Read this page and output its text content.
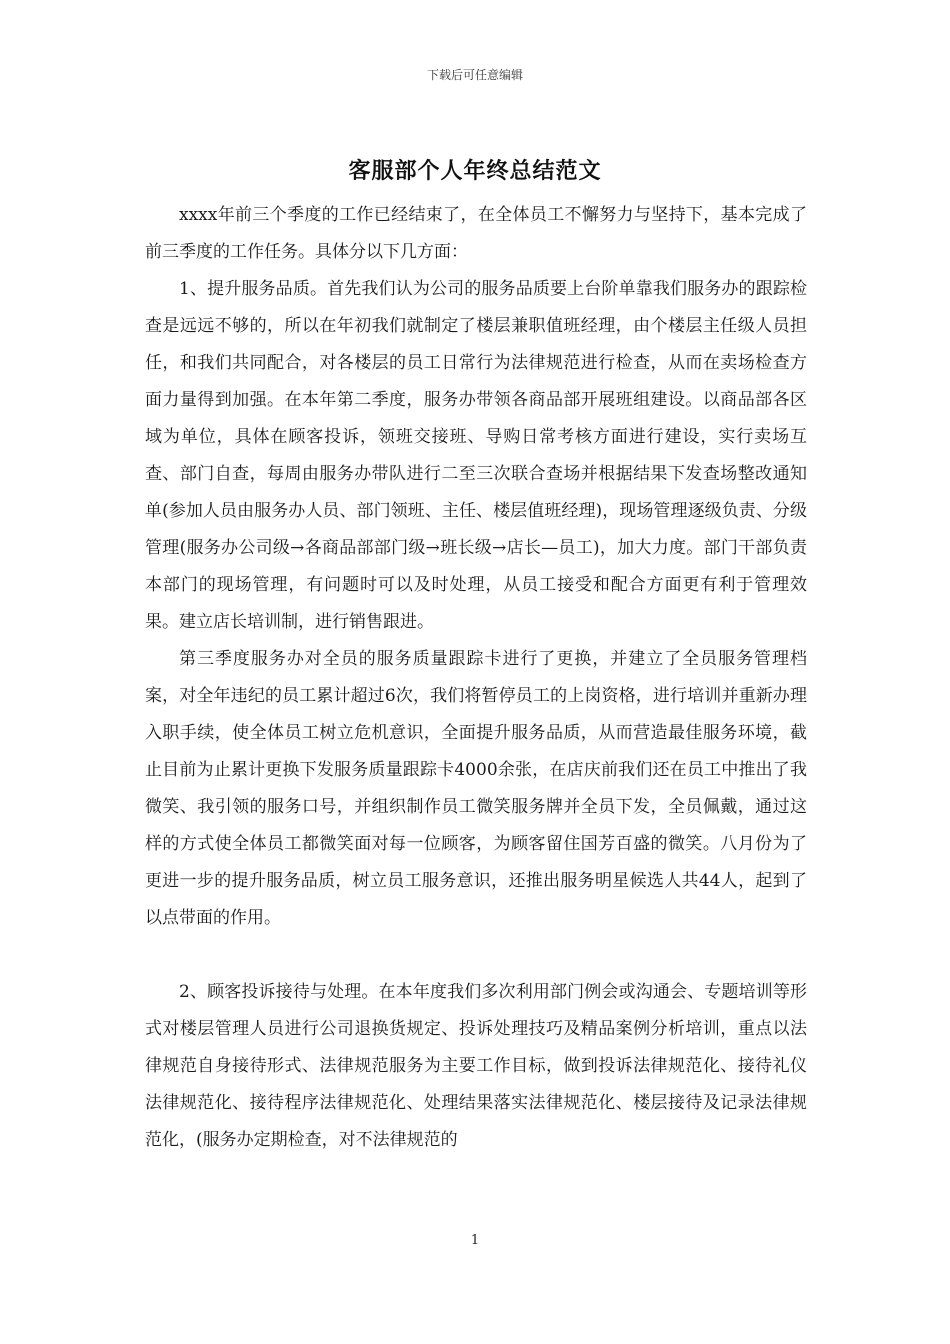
下载后可任意编辑
客服部个人年终总结范文

xxxx年前三个季度的工作已经结束了，在全体员工不懈努力与坚持下，基本完成了前三季度的工作任务。具体分以下几方面：

1、提升服务品质。首先我们认为公司的服务品质要上台阶单靠我们服务办的跟踪检查是远远不够的，所以在年初我们就制定了楼层兼职值班经理，由个楼层主任级人员担任，和我们共同配合，对各楼层的员工日常行为法律规范进行检查，从而在卖场检查方面力量得到加强。在本年第二季度，服务办带领各商品部开展班组建设。以商品部各区域为单位，具体在顾客投诉，领班交接班、导购日常考核方面进行建设，实行卖场互查、部门自查，每周由服务办带队进行二至三次联合查场并根据结果下发查场整改通知单(参加人员由服务办人员、部门领班、主任、楼层值班经理)，现场管理逐级负责、分级管理(服务办公司级→各商品部部门级→班长级→店长—员工)，加大力度。部门干部负责本部门的现场管理，有问题时可以及时处理，从员工接受和配合方面更有利于管理效果。建立店长培训制，进行销售跟进。

第三季度服务办对全员的服务质量跟踪卡进行了更换，并建立了全员服务管理档案，对全年违纪的员工累计超过6次，我们将暂停员工的上岗资格，进行培训并重新办理入职手续，使全体员工树立危机意识，全面提升服务品质，从而营造最佳服务环境，截止目前为止累计更换下发服务质量跟踪卡4000余张，在店庆前我们还在员工中推出了我微笑、我引领的服务口号，并组织制作员工微笑服务牌并全员下发，全员佩戴，通过这样的方式使全体员工都微笑面对每一位顾客，为顾客留住国芳百盛的微笑。八月份为了更进一步的提升服务品质，树立员工服务意识，还推出服务明星候选人共44人，起到了以点带面的作用。

2、顾客投诉接待与处理。在本年度我们多次利用部门例会或沟通会、专题培训等形式对楼层管理人员进行公司退换货规定、投诉处理技巧及精品案例分析培训，重点以法律规范自身接待形式、法律规范服务为主要工作目标，做到投诉法律规范化、接待礼仪法律规范化、接待程序法律规范化、处理结果落实法律规范化、楼层接待及记录法律规范化，(服务办定期检查，对不法律规范的

1
